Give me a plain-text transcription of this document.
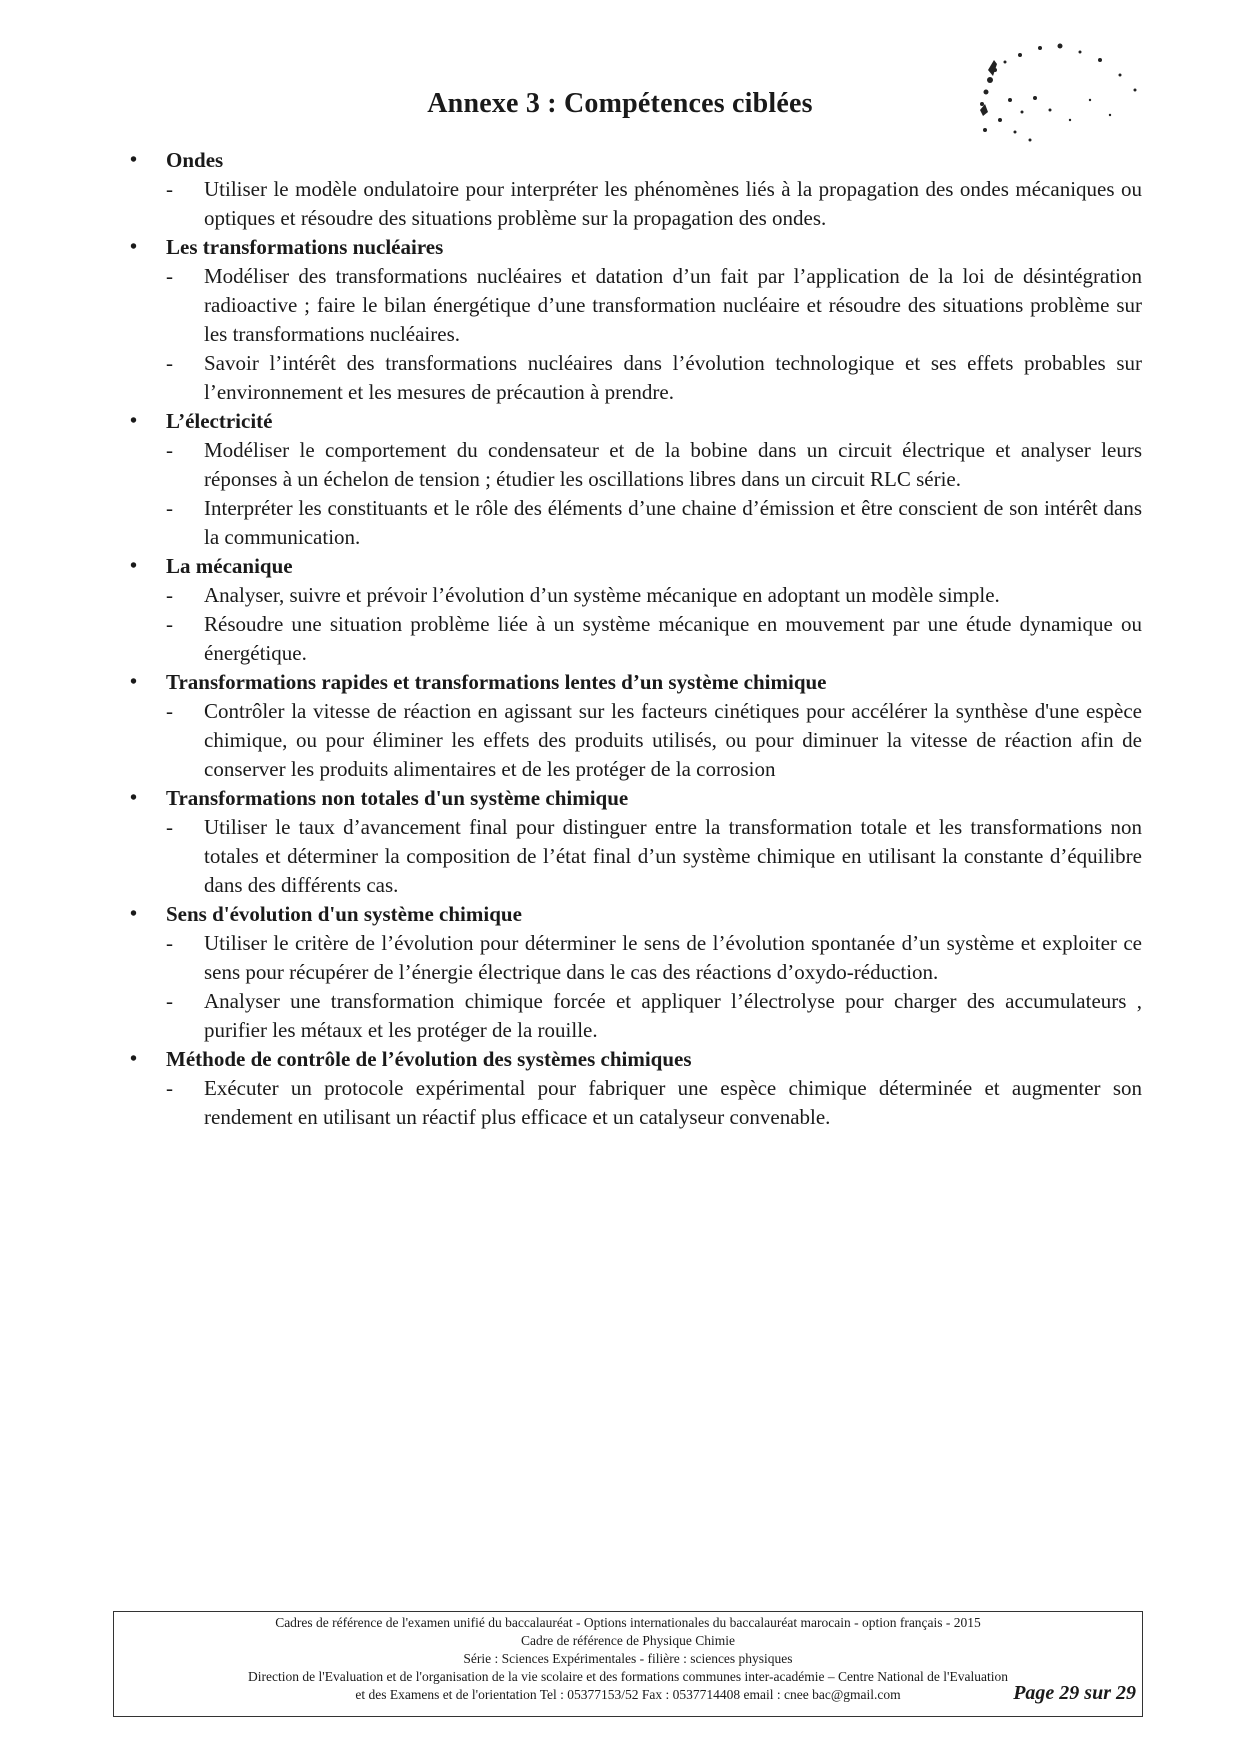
Annexe 3 : Compétences ciblées
• Ondes
- Utiliser le modèle ondulatoire pour interpréter les phénomènes liés à la propagation des ondes mécaniques ou optiques et résoudre des situations problème sur la propagation des ondes.
• Les transformations nucléaires
- Modéliser des transformations nucléaires et datation d’un fait par l’application de la loi de désintégration radioactive ; faire le bilan énergétique d’une transformation nucléaire et résoudre des situations problème sur les transformations nucléaires.
- Savoir l’intérêt des transformations nucléaires dans l’évolution technologique et ses effets probables sur l’environnement et les mesures de précaution à prendre.
• L’électricité
- Modéliser le comportement du condensateur et de la bobine dans un circuit électrique et analyser leurs réponses à un échelon de tension ; étudier les oscillations libres dans un circuit RLC série.
- Interpréter les constituants et le rôle des éléments d’une chaine d’émission et être conscient de son intérêt dans la communication.
• La mécanique
- Analyser, suivre et prévoir l’évolution d’un système mécanique en adoptant un modèle simple.
- Résoudre une situation problème liée à un système mécanique en mouvement par une étude dynamique ou énergétique.
• Transformations rapides et transformations lentes d’un système chimique
- Contrôler la vitesse de réaction en agissant sur les facteurs cinétiques pour accélérer la synthèse d'une espèce chimique, ou pour éliminer les effets des produits utilisés, ou pour diminuer la vitesse de réaction afin de conserver les produits alimentaires et de les protéger de la corrosion
• Transformations non totales d'un système chimique
- Utiliser le taux d’avancement final pour distinguer entre la transformation totale et les transformations non totales et déterminer la composition de l’état final d’un système chimique en utilisant la constante d’équilibre dans des différents cas.
• Sens d'évolution d'un système chimique
- Utiliser le critère de l’évolution pour déterminer le sens de l’évolution spontanée d’un système et exploiter ce sens pour récupérer de l’énergie électrique dans le cas des réactions d’oxydo-réduction.
- Analyser une transformation chimique forcée et appliquer l’électrolyse pour charger des accumulateurs , purifier les métaux et les protéger de la rouille.
• Méthode de contrôle de l’évolution des systèmes chimiques
- Exécuter un protocole expérimental pour fabriquer une espèce chimique déterminée et augmenter son rendement en utilisant un réactif plus efficace et un catalyseur convenable.
Cadres de référence de l'examen unifié du baccalauréat - Options internationales du baccalauréat marocain - option français - 2015
Cadre de référence de Physique Chimie
Série : Sciences Expérimentales - filière : sciences physiques
Direction de l'Evaluation et de l'organisation de la vie scolaire et des formations communes inter-académie – Centre National de l'Evaluation
et des Examens et de l'orientation Tel : 05377153/52 Fax : 0537714408 email : cnee bac@gmail.com	Page 29 sur 29
